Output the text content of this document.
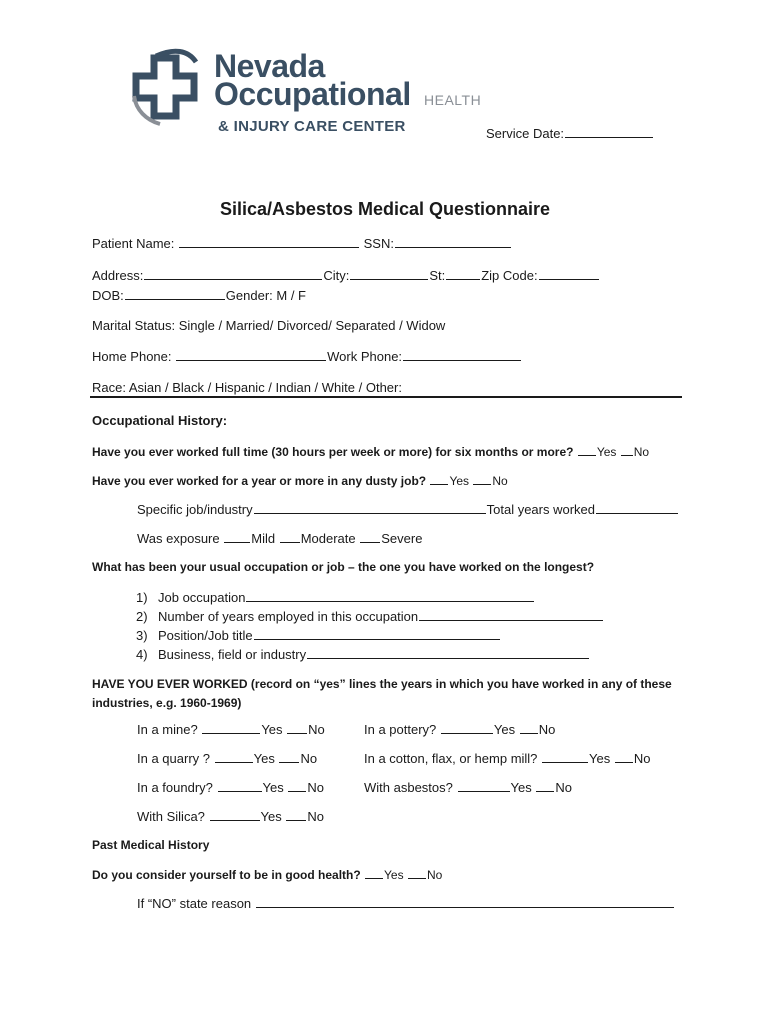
Nevada
Occupational HEALTH
& INJURY CARE CENTER	Service Date:
Silica/Asbestos Medical Questionnaire
Patient Name:	SSN:
Address:	City:	St:	Zip Code:
DOB:	Gender: M / F
Marital Status: Single / Married/ Divorced/ Separated / Widow
Home Phone:	Work Phone:
Race: Asian / Black / Hispanic / Indian / White / Other:
Occupational History:
Have you ever worked full time (30 hours per week or more) for six months or more? Yes No
Have you ever worked for a year or more in any dusty job? Yes No
Specific job/industry	Total years worked
Was exposure Mild Moderate Severe
What has been your usual occupation or job – the one you have worked on the longest?
1) Job occupation
2) Number of years employed in this occupation
3) Position/Job title
4) Business, field or industry
HAVE YOU EVER WORKED (record on “yes” lines the years in which you have worked in any of these
industries, e.g. 1960-1969)
In a mine?	Yes No	In a pottery?	Yes No
In a quarry ?	Yes No	In a cotton, flax, or hemp mill?	Yes No
In a foundry?	Yes No	With asbestos?	Yes No
With Silica?	Yes No
Past Medical History
Do you consider yourself to be in good health? Yes No
If “NO” state reason
